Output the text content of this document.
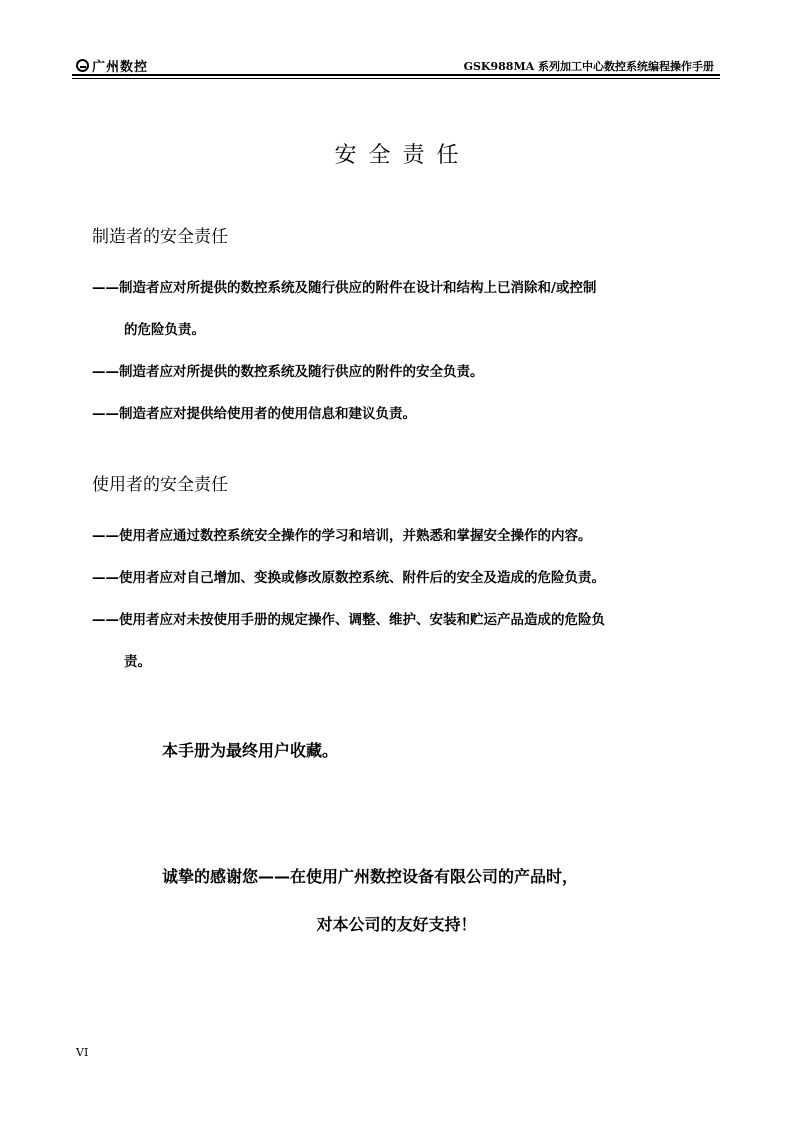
广州数控	GSK988MA 系列加工中心数控系统编程操作手册
安全责任
制造者的安全责任
——制造者应对所提供的数控系统及随行供应的附件在设计和结构上已消除和/或控制
的危险负责。
——制造者应对所提供的数控系统及随行供应的附件的安全负责。
——制造者应对提供给使用者的使用信息和建议负责。
使用者的安全责任
——使用者应通过数控系统安全操作的学习和培训，并熟悉和掌握安全操作的内容。
——使用者应对自己增加、变换或修改原数控系统、附件后的安全及造成的危险负责。
——使用者应对未按使用手册的规定操作、调整、维护、安装和贮运产品造成的危险负
责。
本手册为最终用户收藏。
诚挚的感谢您——在使用广州数控设备有限公司的产品时，
对本公司的友好支持！
VI
